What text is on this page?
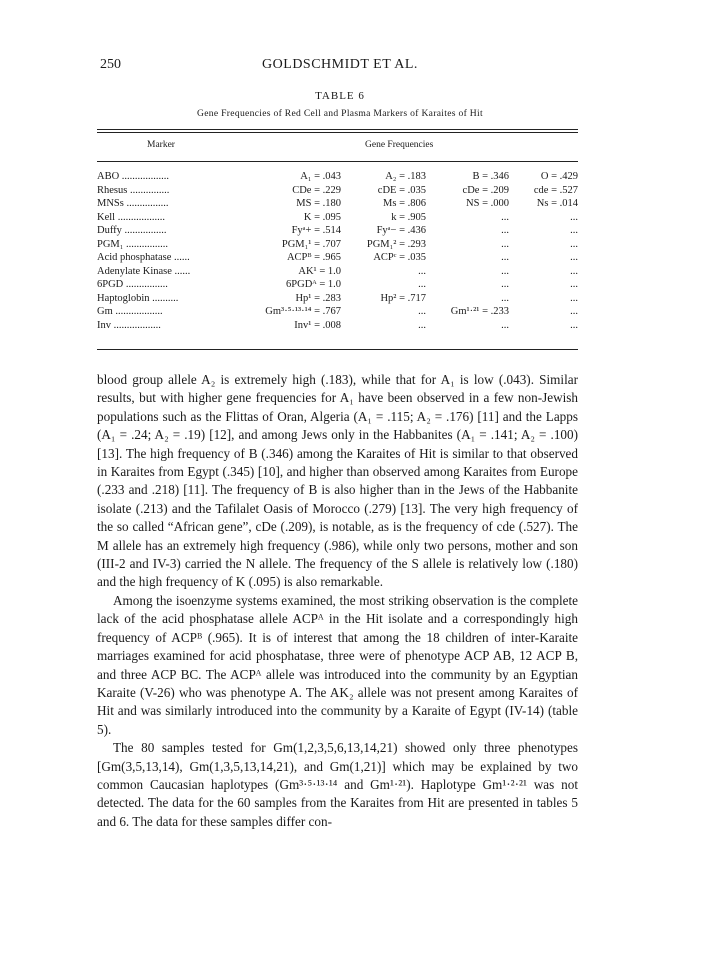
250	GOLDSCHMIDT ET AL.
TABLE 6
Gene Frequencies of Red Cell and Plasma Markers of Karaites of Hit
Marker	Gene Frequencies
ABO ..................	A₁ = .043	A₂ = .183	B = .346	O = .429
Rhesus ...............	CDe = .229	cDE = .035	cDe = .209	cde = .527
MNSs ................	MS = .180	Ms = .806	NS = .000	Ns = .014
Kell ..................	K = .095	k = .905	...	...
Duffy ................	Fyᵃ+ = .514	Fyᵃ− = .436	...	...
PGM₁ ................	PGM₁¹ = .707	PGM₁² = .293	...	...
Acid phosphatase ......	ACPᴮ = .965	ACPᶜ = .035	...	...
Adenylate Kinase ......	AK¹ = 1.0	...	...	...
6PGD ................	6PGDᴬ = 1.0	...	...	...
Haptoglobin ..........	Hp¹ = .283	Hp² = .717	...	...
Gm ..................	Gm³·⁵·¹³·¹⁴ = .767	...	Gm¹·²¹ = .233	...
Inv ..................	Inv¹ = .008	...	...	...

blood group allele A₂ is extremely high (.183), while that for A₁ is low (.043). Similar results, but with higher gene frequencies for A₁ have been observed in a few non-Jewish populations such as the Flittas of Oran, Algeria (A₁ = .115; A₂ = .176) [11] and the Lapps (A₁ = .24; A₂ = .19) [12], and among Jews only in the Habbanites (A₁ = .141; A₂ = .100) [13]. The high frequency of B (.346) among the Karaites of Hit is similar to that observed in Karaites from Egypt (.345) [10], and higher than observed among Karaites from Europe (.233 and .218) [11]. The frequency of B is also higher than in the Jews of the Habbanite isolate (.213) and the Tafilalet Oasis of Morocco (.279) [13]. The very high frequency of the so called “African gene”, cDe (.209), is notable, as is the frequency of cde (.527). The M allele has an extremely high frequency (.986), while only two persons, mother and son (III-2 and IV-3) carried the N allele. The frequency of the S allele is relatively low (.180) and the high frequency of K (.095) is also remarkable.

Among the isoenzyme systems examined, the most striking observation is the complete lack of the acid phosphatase allele ACPᴬ in the Hit isolate and a correspondingly high frequency of ACPᴮ (.965). It is of interest that among the 18 children of inter-Karaite marriages examined for acid phosphatase, three were of phenotype ACP AB, 12 ACP B, and three ACP BC. The ACPᴬ allele was introduced into the community by an Egyptian Karaite (V-26) who was phenotype A. The AK₂ allele was not present among Karaites of Hit and was similarly introduced into the community by a Karaite of Egypt (IV-14) (table 5).

The 80 samples tested for Gm(1,2,3,5,6,13,14,21) showed only three phenotypes [Gm(3,5,13,14), Gm(1,3,5,13,14,21), and Gm(1,21)] which may be explained by two common Caucasian haplotypes (Gm³·⁵·¹³·¹⁴ and Gm¹·²¹). Haplotype Gm¹·²·²¹ was not detected. The data for the 60 samples from the Karaites from Hit are presented in tables 5 and 6. The data for these samples differ con-
